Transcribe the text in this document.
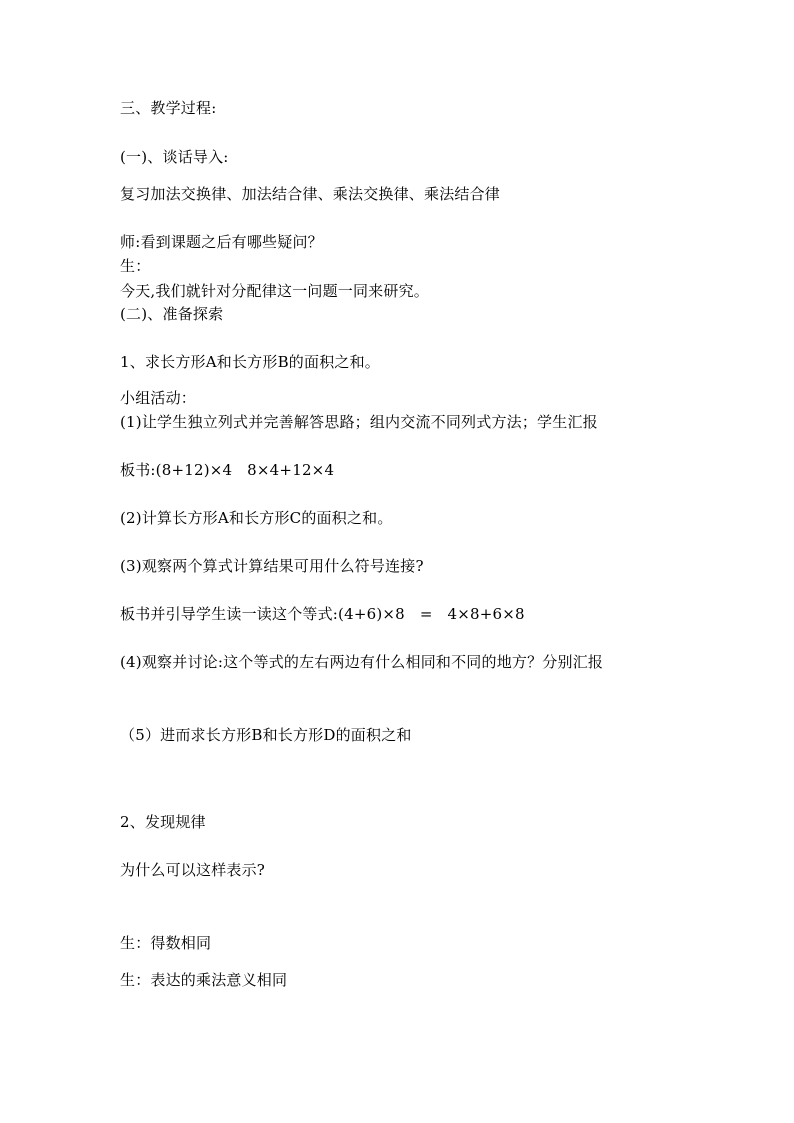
三、教学过程:
(一)、谈话导入:
复习加法交换律、加法结合律、乘法交换律、乘法结合律
师:看到课题之后有哪些疑问？
生：
今天,我们就针对分配律这一问题一同来研究。
(二)、准备探索
1、求长方形A和长方形B的面积之和。
小组活动：
(1)让学生独立列式并完善解答思路；组内交流不同列式方法；学生汇报
板书:(8+12)×4   8×4+12×4
(2)计算长方形A和长方形C的面积之和。
(3)观察两个算式计算结果可用什么符号连接?
板书并引导学生读一读这个等式:(4+6)×8   =   4×8+6×8
(4)观察并讨论:这个等式的左右两边有什么相同和不同的地方？分别汇报
（5）进而求长方形B和长方形D的面积之和
2、发现规律
为什么可以这样表示?
生：得数相同
生：表达的乘法意义相同
